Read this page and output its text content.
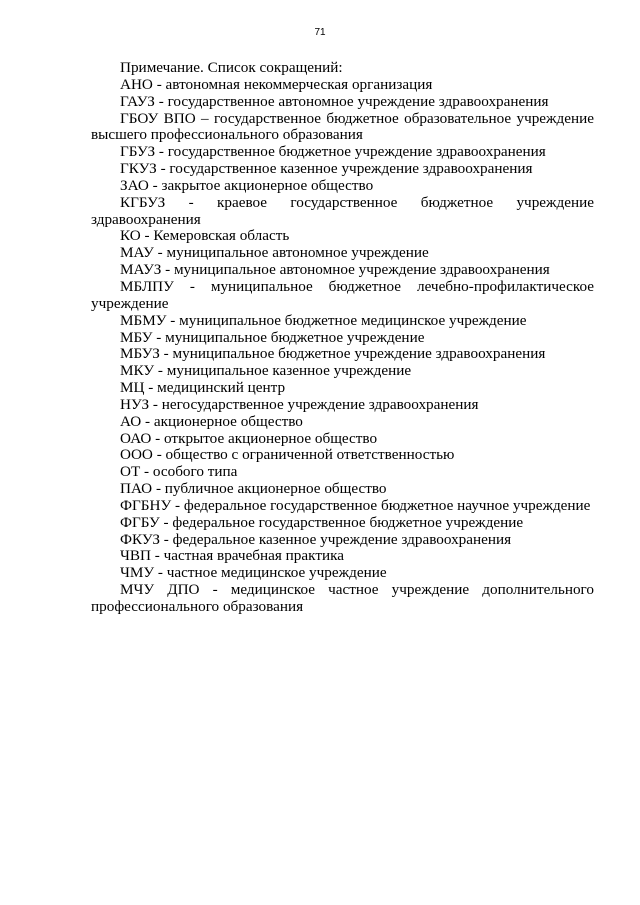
71

Примечание. Список сокращений:

АНО - автономная некоммерческая организация

ГАУЗ - государственное автономное учреждение здравоохранения

ГБОУ ВПО – государственное бюджетное образовательное учреждение высшего профессионального образования

ГБУЗ - государственное бюджетное учреждение здравоохранения

ГКУЗ - государственное казенное учреждение здравоохранения

ЗАО - закрытое акционерное общество

КГБУЗ - краевое государственное бюджетное учреждение здравоохранения

КО - Кемеровская область

МАУ - муниципальное автономное учреждение

МАУЗ - муниципальное автономное учреждение здравоохранения

МБЛПУ - муниципальное бюджетное лечебно-профилактическое учреждение

МБМУ - муниципальное бюджетное медицинское учреждение

МБУ - муниципальное бюджетное учреждение

МБУЗ - муниципальное бюджетное учреждение здравоохранения

МКУ - муниципальное казенное учреждение

МЦ - медицинский центр

НУЗ - негосударственное учреждение здравоохранения

АО - акционерное общество

ОАО - открытое акционерное общество

ООО - общество с ограниченной ответственностью

ОТ - особого типа

ПАО - публичное акционерное общество

ФГБНУ - федеральное государственное бюджетное научное учреждение

ФГБУ - федеральное государственное бюджетное учреждение

ФКУЗ - федеральное казенное учреждение здравоохранения

ЧВП - частная врачебная практика

ЧМУ - частное медицинское учреждение

МЧУ ДПО - медицинское частное учреждение дополнительного профессионального образования
